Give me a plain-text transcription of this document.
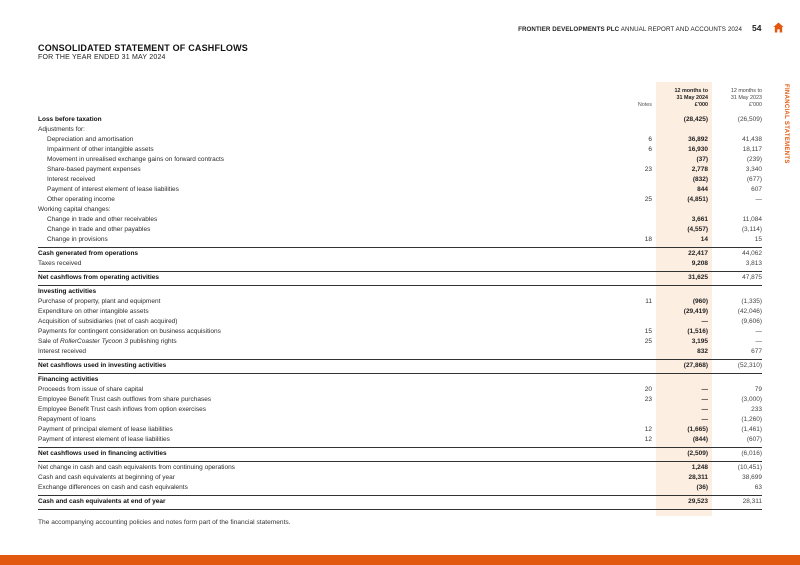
FRONTIER DEVELOPMENTS PLC ANNUAL REPORT AND ACCOUNTS 2024 54
FINANCIAL STATEMENTS
CONSOLIDATED STATEMENT OF CASHFLOWS
FOR THE YEAR ENDED 31 MAY 2024
Notes
12 months to
31 May 2024
£'000
12 months to
31 May 2023
£'000
Loss before taxation	(28,425)	(26,509)
Adjustments for:
Depreciation and amortisation	6	36,892	41,438
Impairment of other intangible assets	6	16,930	18,117
Movement in unrealised exchange gains on forward contracts	(37)	(239)
Share-based payment expenses	23	2,778	3,340
Interest received	(832)	(677)
Payment of interest element of lease liabilities	844	607
Other operating income	25	(4,851)	—
Working capital changes:
Change in trade and other receivables	3,661	11,084
Change in trade and other payables	(4,557)	(3,114)
Change in provisions	18	14	15
Cash generated from operations	22,417	44,062
Taxes received	9,208	3,813
Net cashflows from operating activities	31,625	47,875
Investing activities
Purchase of property, plant and equipment	11	(960)	(1,335)
Expenditure on other intangible assets	(29,419)	(42,046)
Acquisition of subsidiaries (net of cash acquired)	—	(9,606)
Payments for contingent consideration on business acquisitions	15	(1,516)	—
Sale of RollerCoaster Tycoon 3 publishing rights	25	3,195	—
Interest received	832	677
Net cashflows used in investing activities	(27,868)	(52,310)
Financing activities
Proceeds from issue of share capital	20	—	79
Employee Benefit Trust cash outflows from share purchases	23	—	(3,000)
Employee Benefit Trust cash inflows from option exercises	—	233
Repayment of loans	—	(1,260)
Payment of principal element of lease liabilities	12	(1,665)	(1,461)
Payment of interest element of lease liabilities	12	(844)	(607)
Net cashflows used in financing activities	(2,509)	(6,016)
Net change in cash and cash equivalents from continuing operations	1,248	(10,451)
Cash and cash equivalents at beginning of year	28,311	38,699
Exchange differences on cash and cash equivalents	(36)	63
Cash and cash equivalents at end of year	29,523	28,311
The accompanying accounting policies and notes form part of the financial statements.
